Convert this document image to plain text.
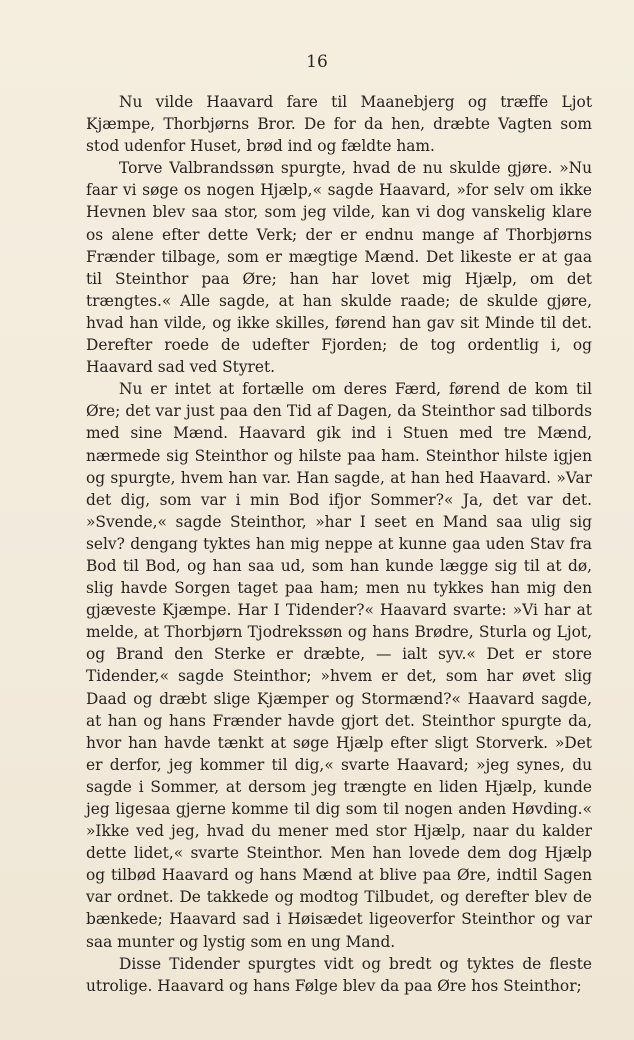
16

Nu vilde Haavard fare til Maanebjerg og træffe Ljot Kjæmpe, Thorbjørns Bror. De for da hen, dræbte Vagten som stod udenfor Huset, brød ind og fældte ham.

Torve Valbrandssøn spurgte, hvad de nu skulde gjøre. »Nu faar vi søge os nogen Hjælp,« sagde Haavard, »for selv om ikke Hevnen blev saa stor, som jeg vilde, kan vi dog vanskelig klare os alene efter dette Verk; der er endnu mange af Thorbjørns Frænder tilbage, som er mægtige Mænd. Det likeste er at gaa til Steinthor paa Øre; han har lovet mig Hjælp, om det trængtes.« Alle sagde, at han skulde raade; de skulde gjøre, hvad han vilde, og ikke skilles, førend han gav sit Minde til det. Derefter roede de udefter Fjorden; de tog ordentlig i, og Haavard sad ved Styret.

Nu er intet at fortælle om deres Færd, førend de kom til Øre; det var just paa den Tid af Dagen, da Steinthor sad tilbords med sine Mænd. Haavard gik ind i Stuen med tre Mænd, nærmede sig Steinthor og hilste paa ham. Steinthor hilste igjen og spurgte, hvem han var. Han sagde, at han hed Haavard. »Var det dig, som var i min Bod ifjor Sommer?« Ja, det var det. »Svende,« sagde Steinthor, »har I seet en Mand saa ulig sig selv? dengang tyktes han mig neppe at kunne gaa uden Stav fra Bod til Bod, og han saa ud, som han kunde lægge sig til at dø, slig havde Sorgen taget paa ham; men nu tykkes han mig den gjæveste Kjæmpe. Har I Tidender?« Haavard svarte: »Vi har at melde, at Thorbjørn Tjodrekssøn og hans Brødre, Sturla og Ljot, og Brand den Sterke er dræbte, — ialt syv.« Det er store Tidender,« sagde Steinthor; »hvem er det, som har øvet slig Daad og dræbt slige Kjæmper og Stormænd?« Haavard sagde, at han og hans Frænder havde gjort det. Steinthor spurgte da, hvor han havde tænkt at søge Hjælp efter sligt Storverk. »Det er derfor, jeg kommer til dig,« svarte Haavard; »jeg synes, du sagde i Sommer, at dersom jeg trængte en liden Hjælp, kunde jeg ligesaa gjerne komme til dig som til nogen anden Høvding.« »Ikke ved jeg, hvad du mener med stor Hjælp, naar du kalder dette lidet,« svarte Steinthor. Men han lovede dem dog Hjælp og tilbød Haavard og hans Mænd at blive paa Øre, indtil Sagen var ordnet. De takkede og modtog Tilbudet, og derefter blev de bænkede; Haavard sad i Høisædet ligeoverfor Steinthor og var saa munter og lystig som en ung Mand.

Disse Tidender spurgtes vidt og bredt og tyktes de fleste utrolige. Haavard og hans Følge blev da paa Øre hos Steinthor;
